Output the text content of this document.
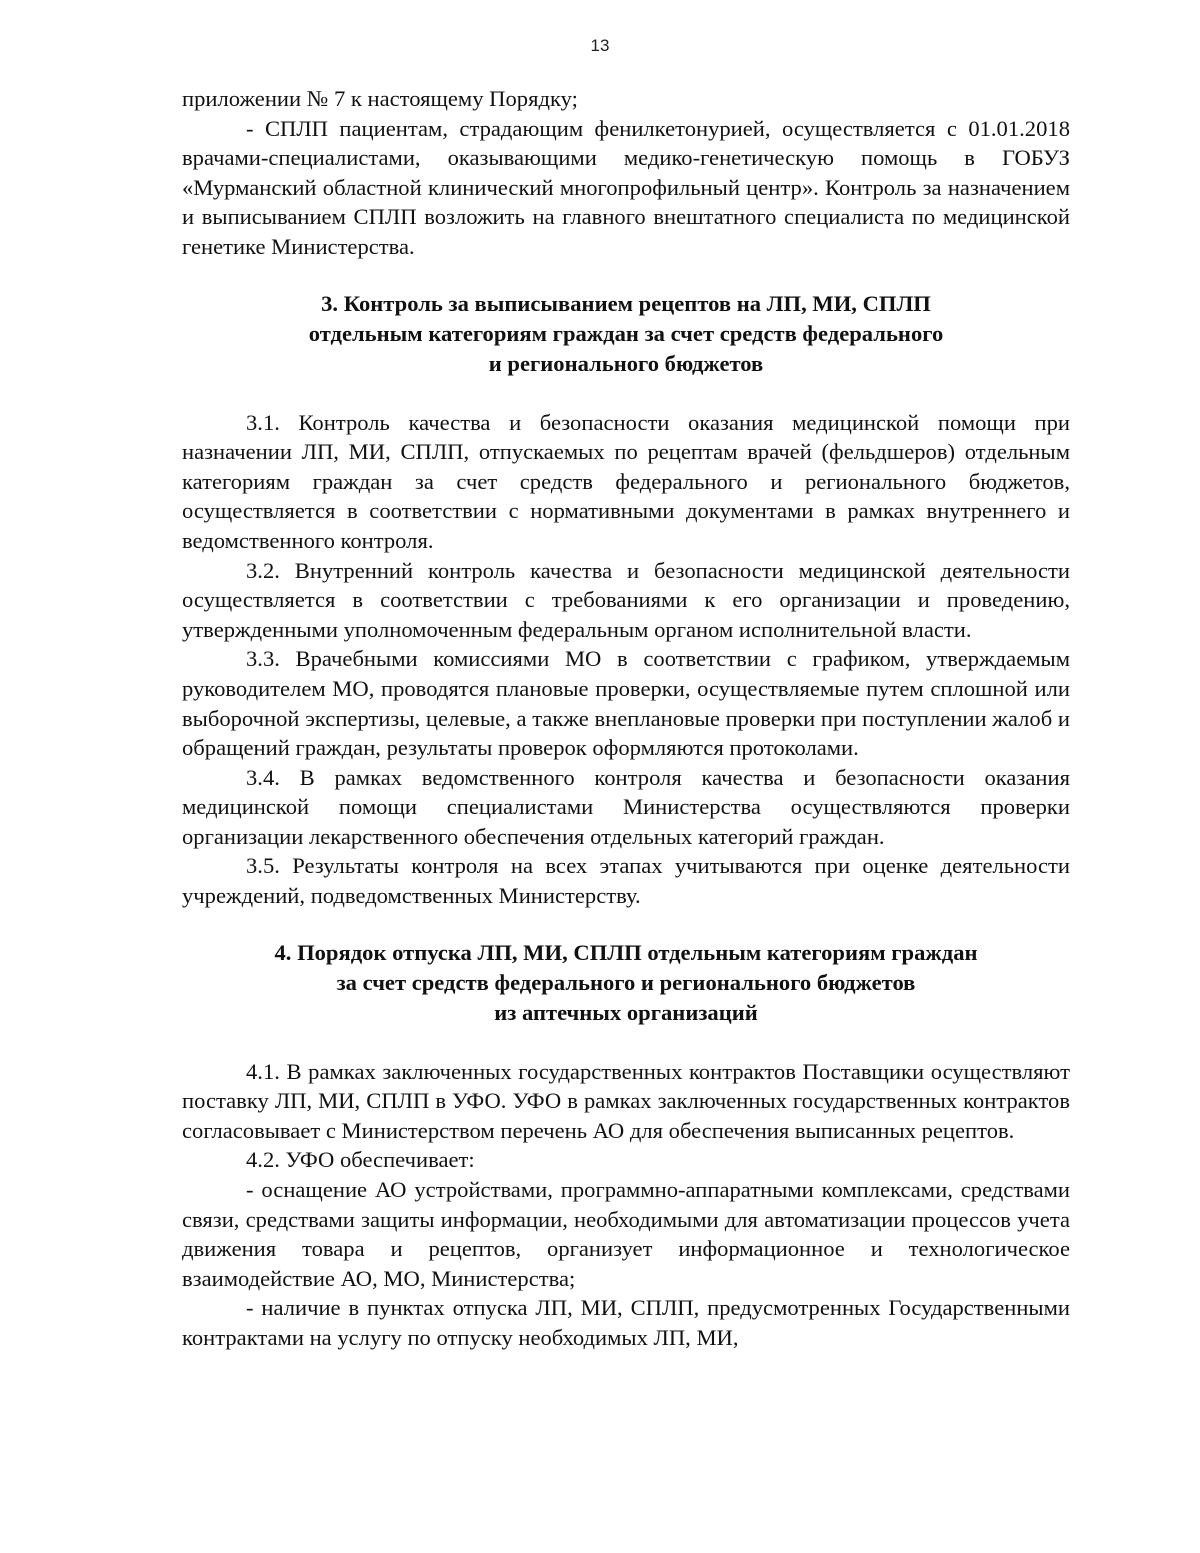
13

приложении № 7 к настоящему Порядку;

- СПЛП пациентам, страдающим фенилкетонурией, осуществляется с 01.01.2018 врачами-специалистами, оказывающими медико-генетическую помощь в ГОБУЗ «Мурманский областной клинический многопрофильный центр». Контроль за назначением и выписыванием СПЛП возложить на главного внештатного специалиста по медицинской генетике Министерства.

3. Контроль за выписыванием рецептов на ЛП, МИ, СПЛП
отдельным категориям граждан за счет средств федерального
и регионального бюджетов

3.1. Контроль качества и безопасности оказания медицинской помощи при назначении ЛП, МИ, СПЛП, отпускаемых по рецептам врачей (фельдшеров) отдельным категориям граждан за счет средств федерального и регионального бюджетов, осуществляется в соответствии с нормативными документами в рамках внутреннего и ведомственного контроля.

3.2. Внутренний контроль качества и безопасности медицинской деятельности осуществляется в соответствии с требованиями к его организации и проведению, утвержденными уполномоченным федеральным органом исполнительной власти.

3.3. Врачебными комиссиями МО в соответствии с графиком, утверждаемым руководителем МО, проводятся плановые проверки, осуществляемые путем сплошной или выборочной экспертизы, целевые, а также внеплановые проверки при поступлении жалоб и обращений граждан, результаты проверок оформляются протоколами.

3.4. В рамках ведомственного контроля качества и безопасности оказания медицинской помощи специалистами Министерства осуществляются проверки организации лекарственного обеспечения отдельных категорий граждан.

3.5. Результаты контроля на всех этапах учитываются при оценке деятельности учреждений, подведомственных Министерству.

4. Порядок отпуска ЛП, МИ, СПЛП отдельным категориям граждан
за счет средств федерального и регионального бюджетов
из аптечных организаций

4.1. В рамках заключенных государственных контрактов Поставщики осуществляют поставку ЛП, МИ, СПЛП в УФО. УФО в рамках заключенных государственных контрактов согласовывает с Министерством перечень АО для обеспечения выписанных рецептов.

4.2. УФО обеспечивает:

- оснащение АО устройствами, программно-аппаратными комплексами, средствами связи, средствами защиты информации, необходимыми для автоматизации процессов учета движения товара и рецептов, организует информационное и технологическое взаимодействие АО, МО, Министерства;

- наличие в пунктах отпуска ЛП, МИ, СПЛП, предусмотренных Государственными контрактами на услугу по отпуску необходимых ЛП, МИ,
